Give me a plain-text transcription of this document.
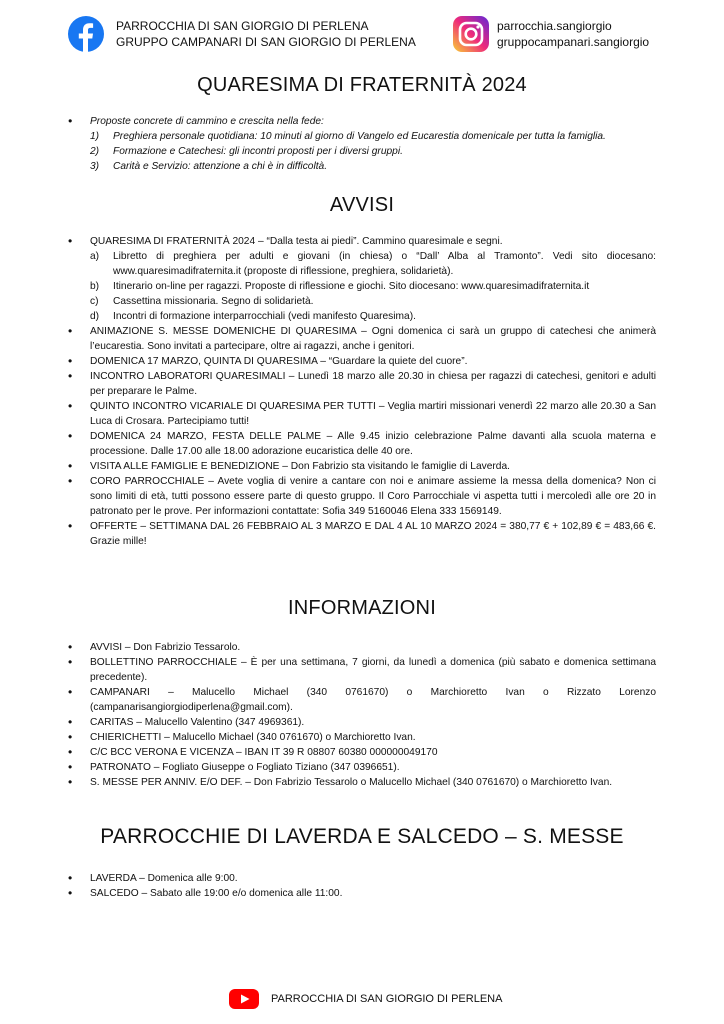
PARROCCHIA DI SAN GIORGIO DI PERLENA
GRUPPO CAMPANARI DI SAN GIORGIO DI PERLENA
parrocchia.sangiorgio
gruppocampanari.sangiorgio
QUARESIMA DI FRATERNITÀ 2024
• Proposte concrete di cammino e crescita nella fede:
1) Preghiera personale quotidiana: 10 minuti al giorno di Vangelo ed Eucarestia domenicale per tutta la famiglia.
2) Formazione e Catechesi: gli incontri proposti per i diversi gruppi.
3) Carità e Servizio: attenzione a chi è in difficoltà.
AVVISI
• QUARESIMA DI FRATERNITÀ 2024 – “Dalla testa ai piedi”. Cammino quaresimale e segni.
a) Libretto di preghiera per adulti e giovani (in chiesa) o “Dall’ Alba al Tramonto”. Vedi sito diocesano: www.quaresimadifraternita.it (proposte di riflessione, preghiera, solidarietà).
b) Itinerario on-line per ragazzi. Proposte di riflessione e giochi. Sito diocesano: www.quaresimadifraternita.it
c) Cassettina missionaria. Segno di solidarietà.
d) Incontri di formazione interparrocchiali (vedi manifesto Quaresima).
• ANIMAZIONE S. MESSE DOMENICHE DI QUARESIMA – Ogni domenica ci sarà un gruppo di catechesi che animerà l’eucarestia. Sono invitati a partecipare, oltre ai ragazzi, anche i genitori.
• DOMENICA 17 MARZO, QUINTA DI QUARESIMA – “Guardare la quiete del cuore”.
• INCONTRO LABORATORI QUARESIMALI – Lunedì 18 marzo alle 20.30 in chiesa per ragazzi di catechesi, genitori e adulti per preparare le Palme.
• QUINTO INCONTRO VICARIALE DI QUARESIMA PER TUTTI – Veglia martiri missionari venerdì 22 marzo alle 20.30 a San Luca di Crosara. Partecipiamo tutti!
• DOMENICA 24 MARZO, FESTA DELLE PALME – Alle 9.45 inizio celebrazione Palme davanti alla scuola materna e processione. Dalle 17.00 alle 18.00 adorazione eucaristica delle 40 ore.
• VISITA ALLE FAMIGLIE E BENEDIZIONE – Don Fabrizio sta visitando le famiglie di Laverda.
• CORO PARROCCHIALE – Avete voglia di venire a cantare con noi e animare assieme la messa della domenica? Non ci sono limiti di età, tutti possono essere parte di questo gruppo. Il Coro Parrocchiale vi aspetta tutti i mercoledì alle ore 20 in patronato per le prove. Per informazioni contattate: Sofia 349 5160046 Elena 333 1569149.
• OFFERTE – SETTIMANA DAL 26 FEBBRAIO AL 3 MARZO E DAL 4 AL 10 MARZO 2024 = 380,77 € + 102,89 € = 483,66 €. Grazie mille!
INFORMAZIONI
• AVVISI – Don Fabrizio Tessarolo.
• BOLLETTINO PARROCCHIALE – È per una settimana, 7 giorni, da lunedì a domenica (più sabato e domenica settimana precedente).
• CAMPANARI – Malucello Michael (340 0761670) o Marchioretto Ivan o Rizzato Lorenzo (campanarisangiorgiodiperlena@gmail.com).
• CARITAS – Malucello Valentino (347 4969361).
• CHIERICHETTI – Malucello Michael (340 0761670) o Marchioretto Ivan.
• C/C BCC VERONA E VICENZA – IBAN IT 39 R 08807 60380 000000049170
• PATRONATO – Fogliato Giuseppe o Fogliato Tiziano (347 0396651).
• S. MESSE PER ANNIV. E/O DEF. – Don Fabrizio Tessarolo o Malucello Michael (340 0761670) o Marchioretto Ivan.
PARROCCHIE DI LAVERDA E SALCEDO – S. MESSE
• LAVERDA – Domenica alle 9:00.
• SALCEDO – Sabato alle 19:00 e/o domenica alle 11:00.
PARROCCHIA DI SAN GIORGIO DI PERLENA
